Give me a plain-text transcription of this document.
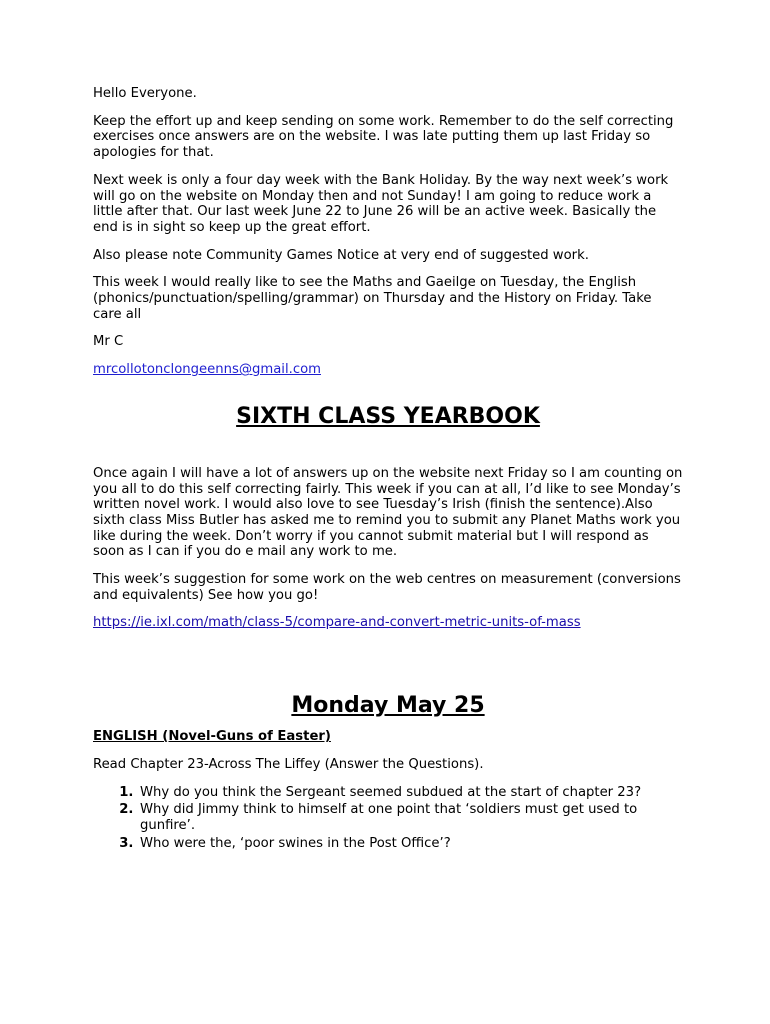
Hello Everyone.

Keep the effort up and keep sending on some work. Remember to do the self correcting exercises once answers are on the website. I was late putting them up last Friday so apologies for that.

Next week is only a four day week with the Bank Holiday. By the way next week’s work will go on the website on Monday then and not Sunday! I am going to reduce work a little after that. Our last week June 22 to June 26 will be an active week. Basically the end is in sight so keep up the great effort.

Also please note Community Games Notice at very end of suggested work.

This week I would really like to see the Maths and Gaeilge on Tuesday, the English (phonics/punctuation/spelling/grammar) on Thursday and the History on Friday. Take care all

Mr C

mrcollotonclongeenns@gmail.com

SIXTH CLASS YEARBOOK

Once again I will have a lot of answers up on the website next Friday so I am counting on you all to do this self correcting fairly. This week if you can at all, I’d like to see Monday’s written novel work. I would also love to see Tuesday’s Irish (finish the sentence).Also sixth class Miss Butler has asked me to remind you to submit any Planet Maths work you like during the week. Don’t worry if you cannot submit material but I will respond as soon as I can if you do e mail any work to me.

This week’s suggestion for some work on the web centres on measurement (conversions and equivalents) See how you go!

https://ie.ixl.com/math/class-5/compare-and-convert-metric-units-of-mass

Monday May 25

ENGLISH (Novel-Guns of Easter)

Read Chapter 23-Across The Liffey (Answer the Questions).

1. Why do you think the Sergeant seemed subdued at the start of chapter 23?
2. Why did Jimmy think to himself at one point that ‘soldiers must get used to gunfire’.
3. Who were the, ‘poor swines in the Post Office’?
